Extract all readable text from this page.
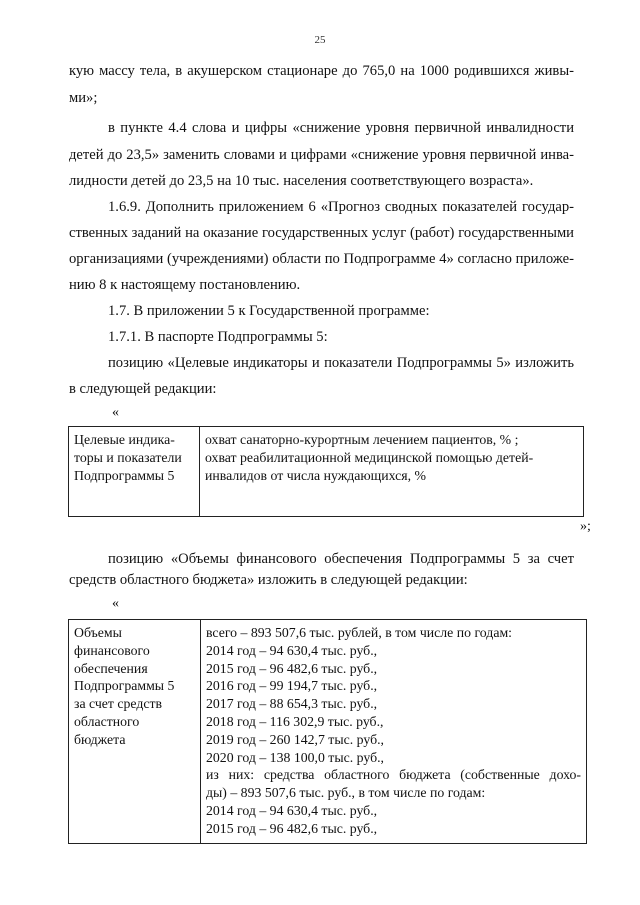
25
кую массу тела, в акушерском стационаре до 765,0 на 1000 родившихся живы-
ми»;
в пункте 4.4 слова и цифры «снижение уровня первичной инвалидности
детей до 23,5» заменить словами и цифрами «снижение уровня первичной инва-
лидности детей до 23,5 на 10 тыс. населения соответствующего возраста».
1.6.9. Дополнить приложением 6 «Прогноз сводных показателей государ-
ственных заданий на оказание государственных услуг (работ) государственными
организациями (учреждениями) области по Подпрограмме 4» согласно приложе-
нию 8 к настоящему постановлению.
1.7. В приложении 5 к Государственной программе:
1.7.1. В паспорте Подпрограммы 5:
позицию «Целевые индикаторы и показатели Подпрограммы 5» изложить
в следующей редакции:
«
Целевые индика-
торы и показатели
Подпрограммы 5

охват санаторно-курортным лечением пациентов, % ;
охват реабилитационной медицинской помощью детей-
инвалидов от числа нуждающихся, %
»;
позицию «Объемы финансового обеспечения Подпрограммы 5 за счет
средств областного бюджета» изложить в следующей редакции:
«
Объемы
финансового
обеспечения
Подпрограммы 5
за счет средств
областного
бюджета

всего – 893 507,6 тыс. рублей, в том числе по годам:
2014 год – 94 630,4 тыс. руб.,
2015 год – 96 482,6 тыс. руб.,
2016 год – 99 194,7 тыс. руб.,
2017 год – 88 654,3 тыс. руб.,
2018 год – 116 302,9 тыс. руб.,
2019 год – 260 142,7 тыс. руб.,
2020 год – 138 100,0 тыс. руб.,
из них: средства областного бюджета (собственные дохо-
ды) – 893 507,6 тыс. руб., в том числе по годам:
2014 год – 94 630,4 тыс. руб.,
2015 год – 96 482,6 тыс. руб.,
